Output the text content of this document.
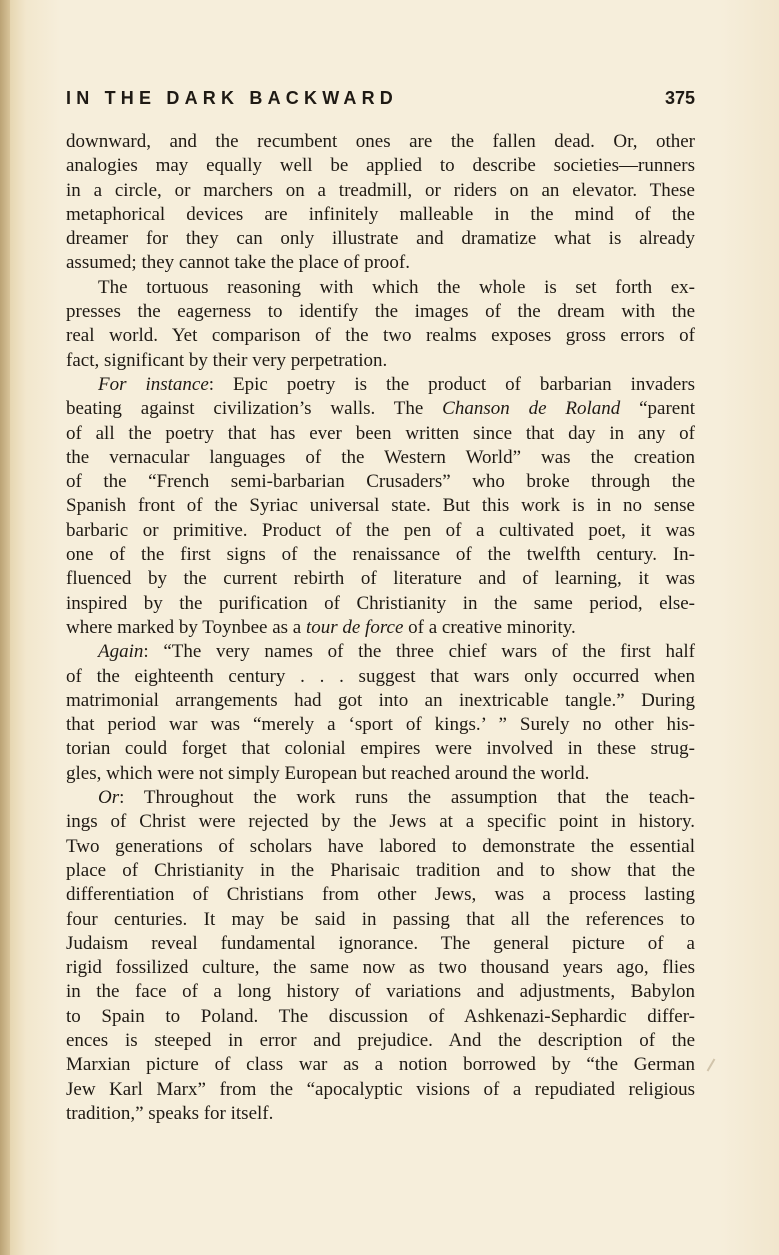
IN THE DARK BACKWARD	375
downward, and the recumbent ones are the fallen dead. Or, other
analogies may equally well be applied to describe societies—runners
in a circle, or marchers on a treadmill, or riders on an elevator. These
metaphorical devices are infinitely malleable in the mind of the
dreamer for they can only illustrate and dramatize what is already
assumed; they cannot take the place of proof.
The tortuous reasoning with which the whole is set forth ex-
presses the eagerness to identify the images of the dream with the
real world. Yet comparison of the two realms exposes gross errors of
fact, significant by their very perpetration.
For instance: Epic poetry is the product of barbarian invaders
beating against civilization’s walls. The Chanson de Roland “parent
of all the poetry that has ever been written since that day in any of
the vernacular languages of the Western World” was the creation
of the “French semi-barbarian Crusaders” who broke through the
Spanish front of the Syriac universal state. But this work is in no sense
barbaric or primitive. Product of the pen of a cultivated poet, it was
one of the first signs of the renaissance of the twelfth century. In-
fluenced by the current rebirth of literature and of learning, it was
inspired by the purification of Christianity in the same period, else-
where marked by Toynbee as a tour de force of a creative minority.
Again: “The very names of the three chief wars of the first half
of the eighteenth century . . . suggest that wars only occurred when
matrimonial arrangements had got into an inextricable tangle.” During
that period war was “merely a ‘sport of kings.’ ” Surely no other his-
torian could forget that colonial empires were involved in these strug-
gles, which were not simply European but reached around the world.
Or: Throughout the work runs the assumption that the teach-
ings of Christ were rejected by the Jews at a specific point in history.
Two generations of scholars have labored to demonstrate the essential
place of Christianity in the Pharisaic tradition and to show that the
differentiation of Christians from other Jews, was a process lasting
four centuries. It may be said in passing that all the references to
Judaism reveal fundamental ignorance. The general picture of a
rigid fossilized culture, the same now as two thousand years ago, flies
in the face of a long history of variations and adjustments, Babylon
to Spain to Poland. The discussion of Ashkenazi-Sephardic differ-
ences is steeped in error and prejudice. And the description of the
Marxian picture of class war as a notion borrowed by “the German
Jew Karl Marx” from the “apocalyptic visions of a repudiated religious
tradition,” speaks for itself.
